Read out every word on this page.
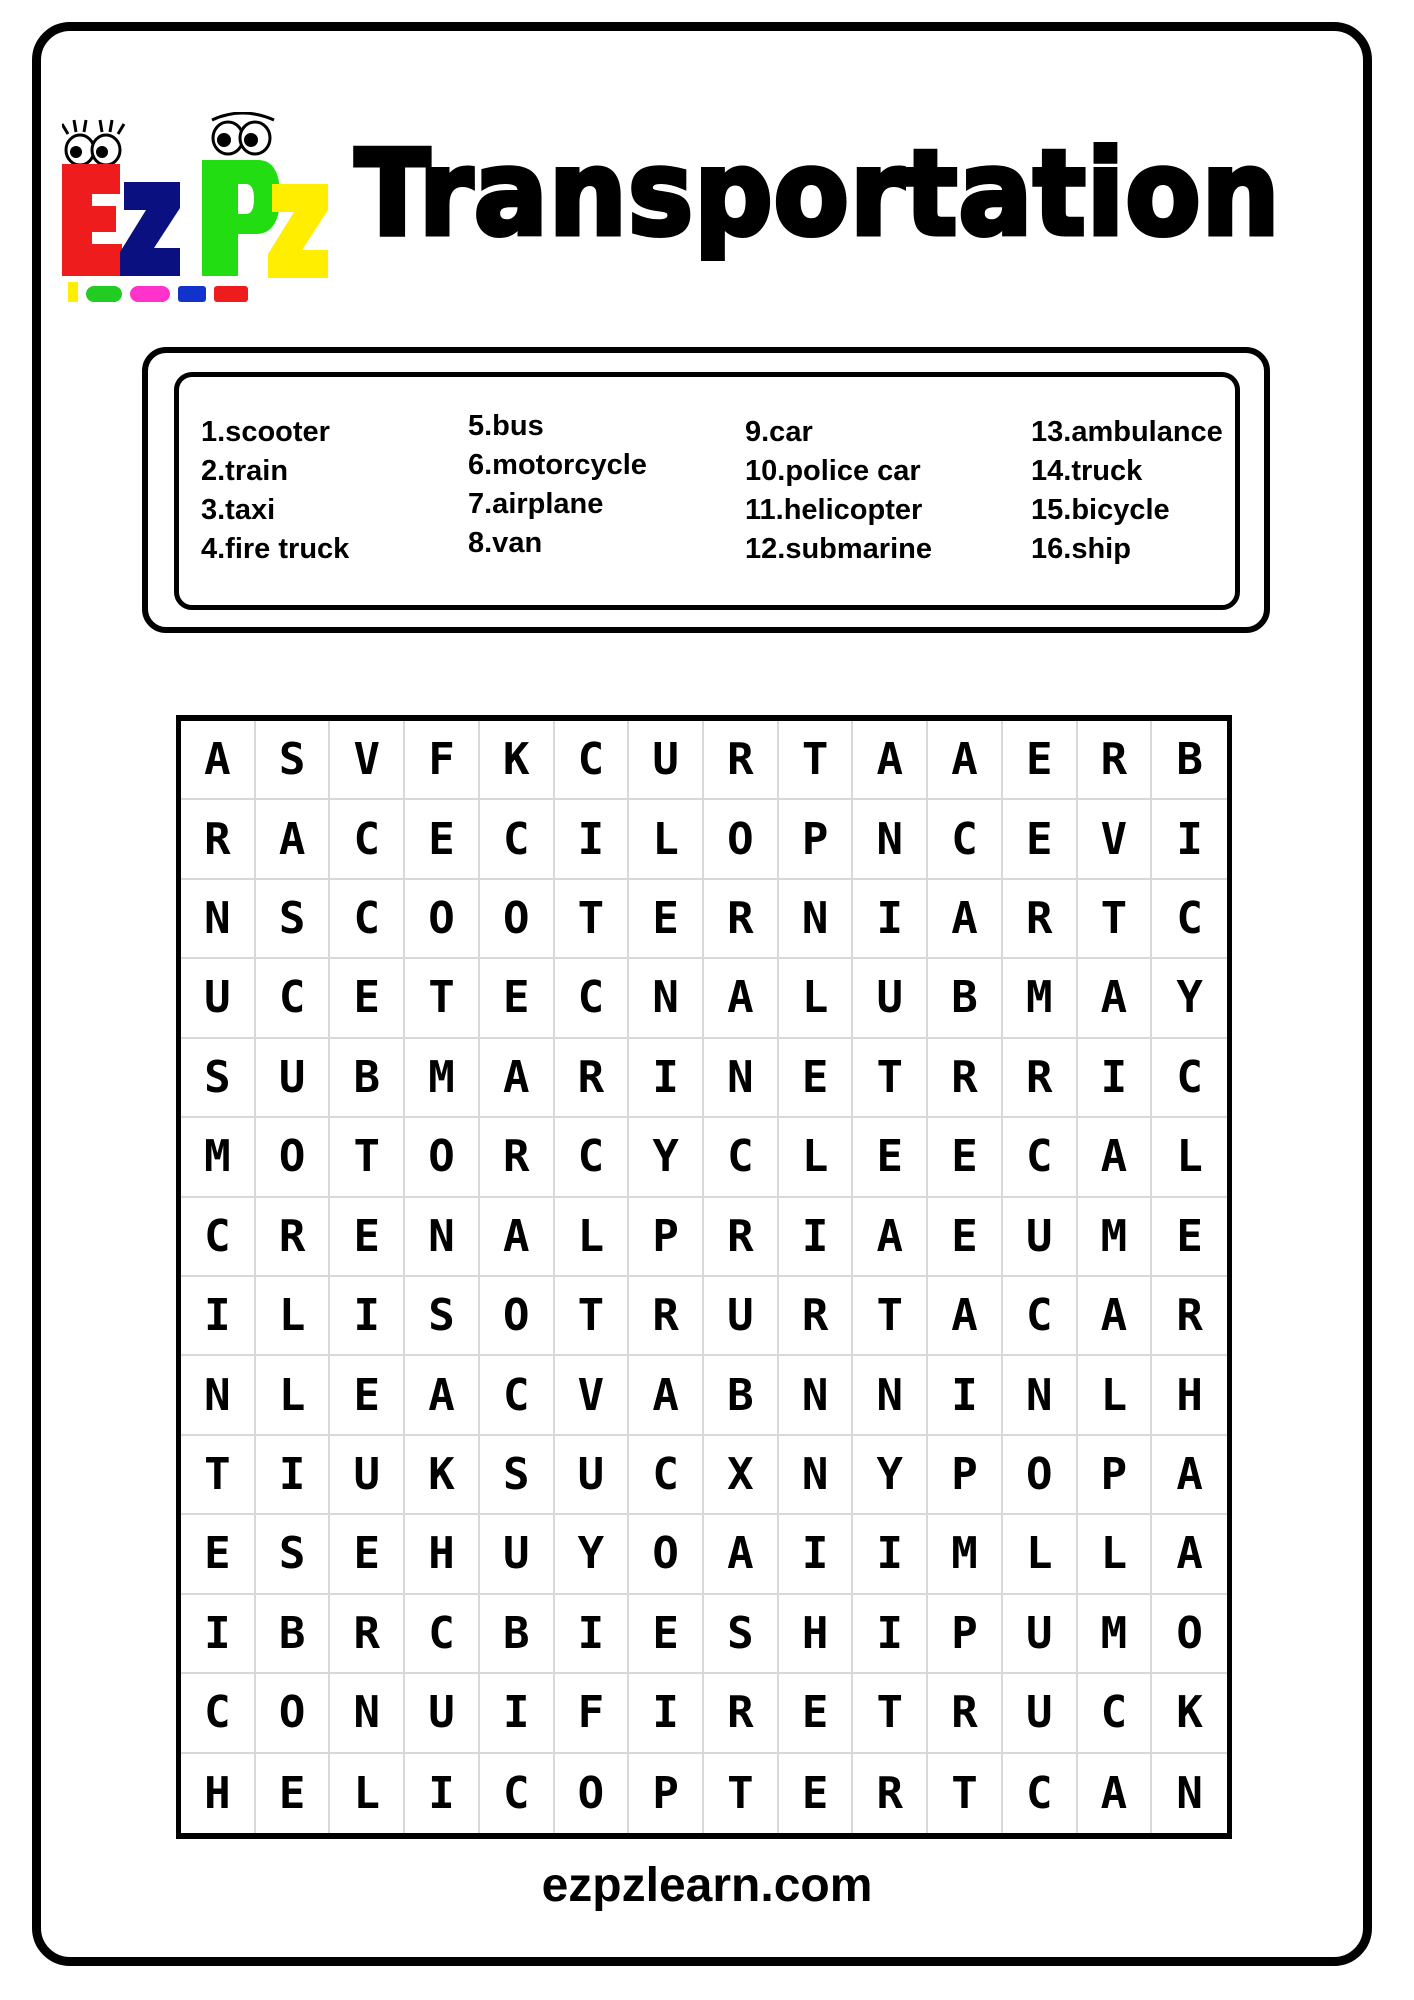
Transportation
1.scooter
2.train
3.taxi
4.fire truck
5.bus
6.motorcycle
7.airplane
8.van
9.car
10.police car
11.helicopter
12.submarine
13.ambulance
14.truck
15.bicycle
16.ship
A	S	V	F	K	C	U	R	T	A	A	E	R	B
R	A	C	E	C	I	L	O	P	N	C	E	V	I
N	S	C	O	O	T	E	R	N	I	A	R	T	C
U	C	E	T	E	C	N	A	L	U	B	M	A	Y
S	U	B	M	A	R	I	N	E	T	R	R	I	C
M	O	T	O	R	C	Y	C	L	E	E	C	A	L
C	R	E	N	A	L	P	R	I	A	E	U	M	E
I	L	I	S	O	T	R	U	R	T	A	C	A	R
N	L	E	A	C	V	A	B	N	N	I	N	L	H
T	I	U	K	S	U	C	X	N	Y	P	O	P	A
E	S	E	H	U	Y	O	A	I	I	M	L	L	A
I	B	R	C	B	I	E	S	H	I	P	U	M	O
C	O	N	U	I	F	I	R	E	T	R	U	C	K
H	E	L	I	C	O	P	T	E	R	T	C	A	N
ezpzlearn.com
